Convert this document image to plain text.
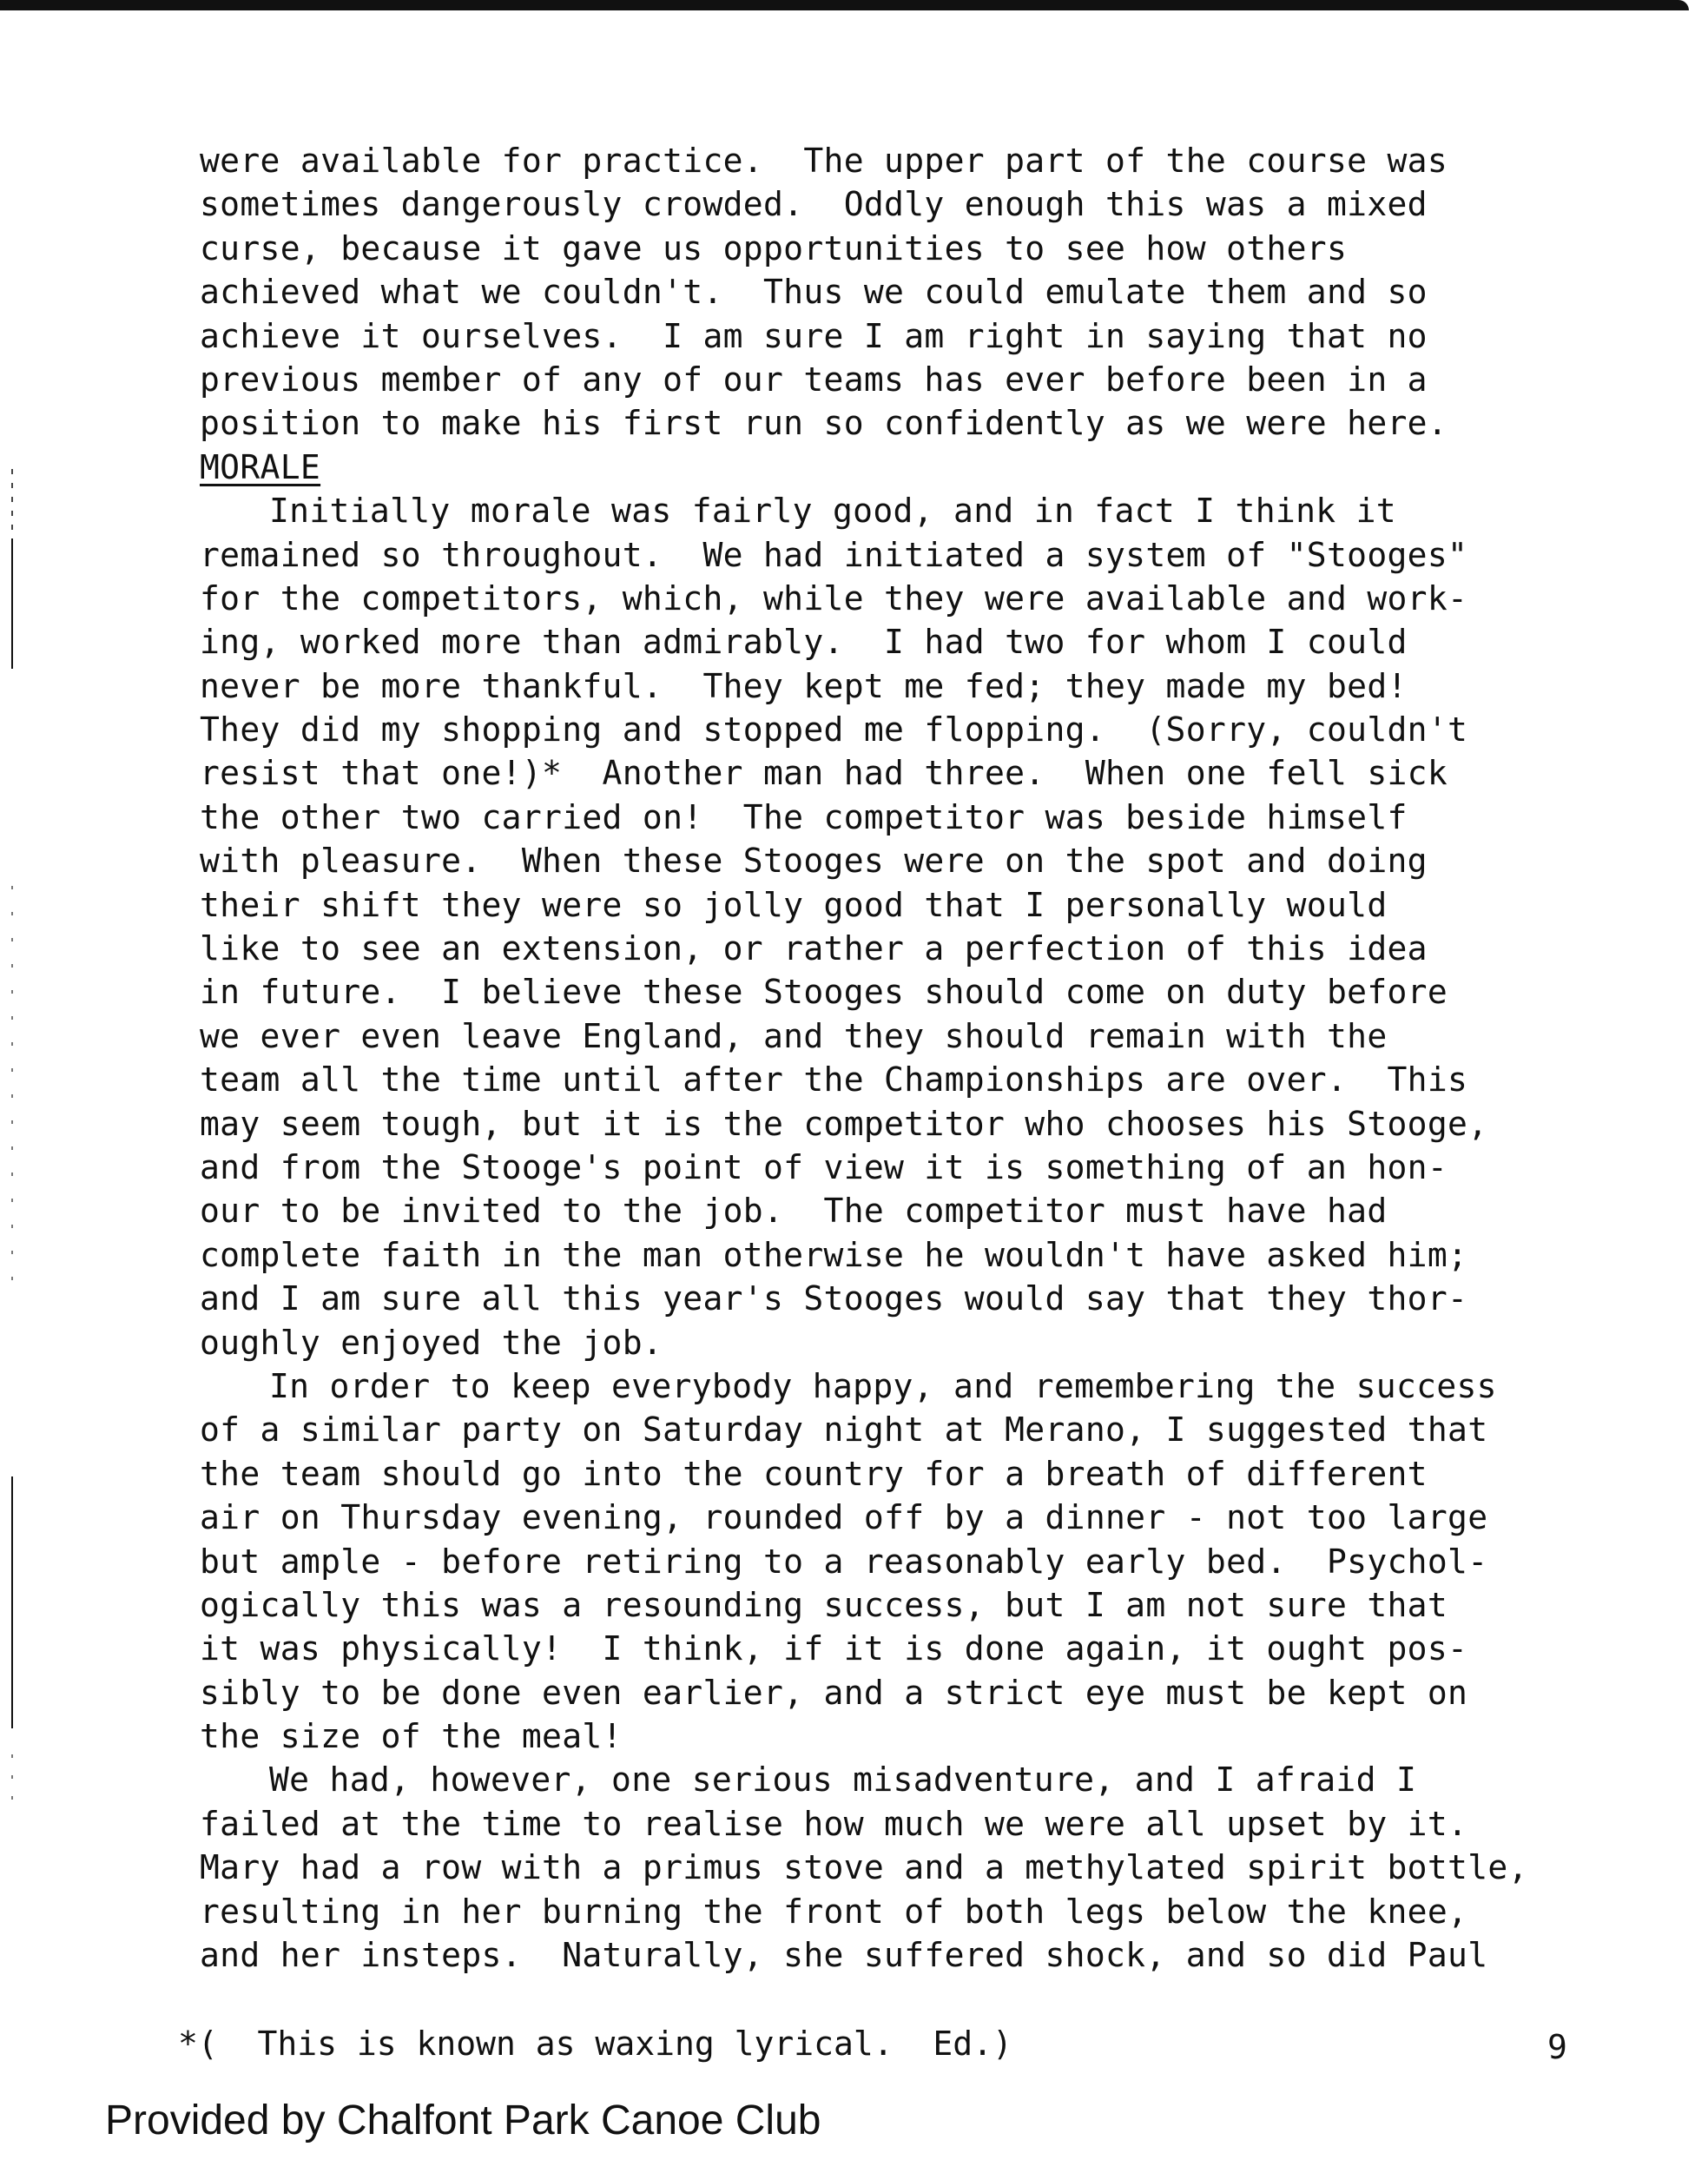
were available for practice.  The upper part of the course was
sometimes dangerously crowded.  Oddly enough this was a mixed
curse, because it gave us opportunities to see how others
achieved what we couldn't.  Thus we could emulate them and so
achieve it ourselves.  I am sure I am right in saying that no
previous member of any of our teams has ever before been in a
position to make his first run so confidently as we were here.
MORALE
Initially morale was fairly good, and in fact I think it
remained so throughout.  We had initiated a system of "Stooges"
for the competitors, which, while they were available and work-
ing, worked more than admirably.  I had two for whom I could
never be more thankful.  They kept me fed; they made my bed!
They did my shopping and stopped me flopping.  (Sorry, couldn't
resist that one!)*  Another man had three.  When one fell sick
the other two carried on!  The competitor was beside himself
with pleasure.  When these Stooges were on the spot and doing
their shift they were so jolly good that I personally would
like to see an extension, or rather a perfection of this idea
in future.  I believe these Stooges should come on duty before
we ever even leave England, and they should remain with the
team all the time until after the Championships are over.  This
may seem tough, but it is the competitor who chooses his Stooge,
and from the Stooge's point of view it is something of an hon-
our to be invited to the job.  The competitor must have had
complete faith in the man otherwise he wouldn't have asked him;
and I am sure all this year's Stooges would say that they thor-
oughly enjoyed the job.
In order to keep everybody happy, and remembering the success
of a similar party on Saturday night at Merano, I suggested that
the team should go into the country for a breath of different
air on Thursday evening, rounded off by a dinner - not too large
but ample - before retiring to a reasonably early bed.  Psychol-
ogically this was a resounding success, but I am not sure that
it was physically!  I think, if it is done again, it ought pos-
sibly to be done even earlier, and a strict eye must be kept on
the size of the meal!
We had, however, one serious misadventure, and I afraid I
failed at the time to realise how much we were all upset by it.
Mary had a row with a primus stove and a methylated spirit bottle,
resulting in her burning the front of both legs below the knee,
and her insteps.  Naturally, she suffered shock, and so did Paul
*(  This is known as waxing lyrical.  Ed.)	9
Provided by Chalfont Park Canoe Club
